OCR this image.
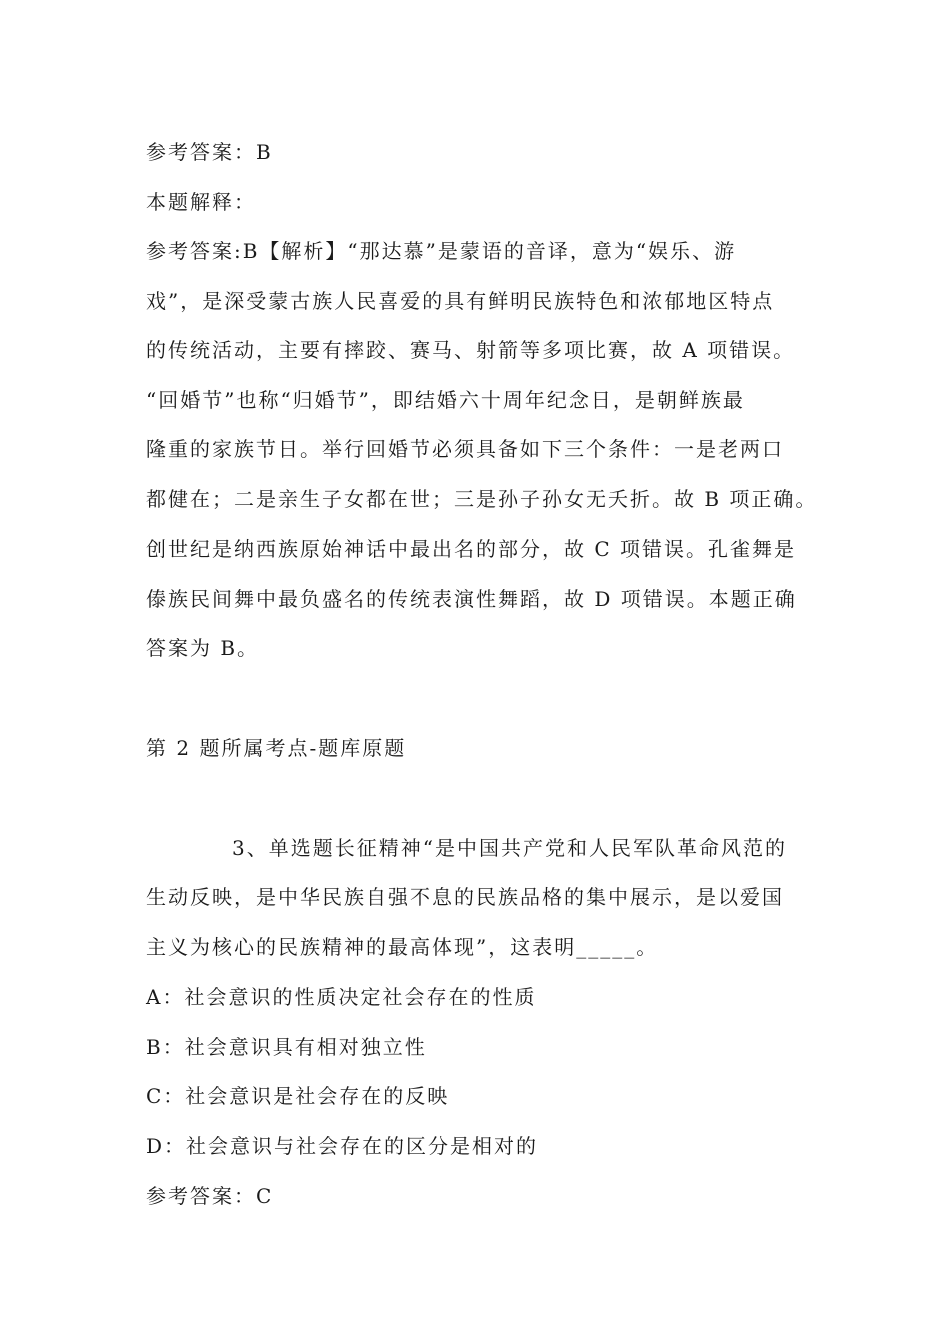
参考答案：B
本题解释：
参考答案:B【解析】“那达慕”是蒙语的音译，意为“娱乐、游
戏”，是深受蒙古族人民喜爱的具有鲜明民族特色和浓郁地区特点
的传统活动，主要有摔跤、赛马、射箭等多项比赛，故 A 项错误。
“回婚节”也称“归婚节”，即结婚六十周年纪念日，是朝鲜族最
隆重的家族节日。举行回婚节必须具备如下三个条件：一是老两口
都健在；二是亲生子女都在世；三是孙子孙女无夭折。故 B 项正确。
创世纪是纳西族原始神话中最出名的部分，故 C 项错误。孔雀舞是
傣族民间舞中最负盛名的传统表演性舞蹈，故 D 项错误。本题正确
答案为 B。
第 2 题所属考点-题库原题
3、单选题长征精神“是中国共产党和人民军队革命风范的
生动反映，是中华民族自强不息的民族品格的集中展示，是以爱国
主义为核心的民族精神的最高体现”，这表明_____。
A：社会意识的性质决定社会存在的性质
B：社会意识具有相对独立性
C：社会意识是社会存在的反映
D：社会意识与社会存在的区分是相对的
参考答案：C
